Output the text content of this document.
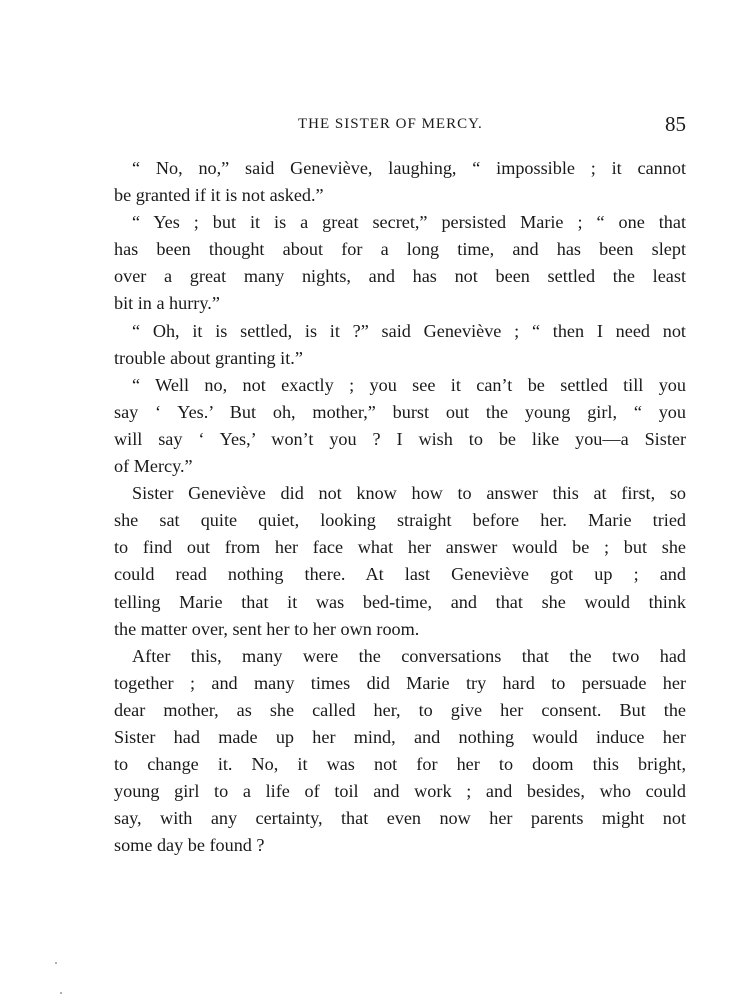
THE SISTER OF MERCY.	85
“ No, no,” said Geneviève, laughing, “ impossible ; it cannot
be granted if it is not asked.”
“ Yes ; but it is a great secret,” persisted Marie ; “ one that
has been thought about for a long time, and has been slept
over a great many nights, and has not been settled the least
bit in a hurry.”
“ Oh, it is settled, is it ?” said Geneviève ; “ then I need not
trouble about granting it.”
“ Well no, not exactly ; you see it can’t be settled till you
say ‘ Yes.’ But oh, mother,” burst out the young girl, “ you
will say ‘ Yes,’ won’t you ? I wish to be like you—a Sister
of Mercy.”
Sister Geneviève did not know how to answer this at first, so
she sat quite quiet, looking straight before her. Marie tried
to find out from her face what her answer would be ; but she
could read nothing there. At last Geneviève got up ; and
telling Marie that it was bed-time, and that she would think
the matter over, sent her to her own room.
After this, many were the conversations that the two had
together ; and many times did Marie try hard to persuade her
dear mother, as she called her, to give her consent. But the
Sister had made up her mind, and nothing would induce her
to change it. No, it was not for her to doom this bright,
young girl to a life of toil and work ; and besides, who could
say, with any certainty, that even now her parents might not
some day be found ?
